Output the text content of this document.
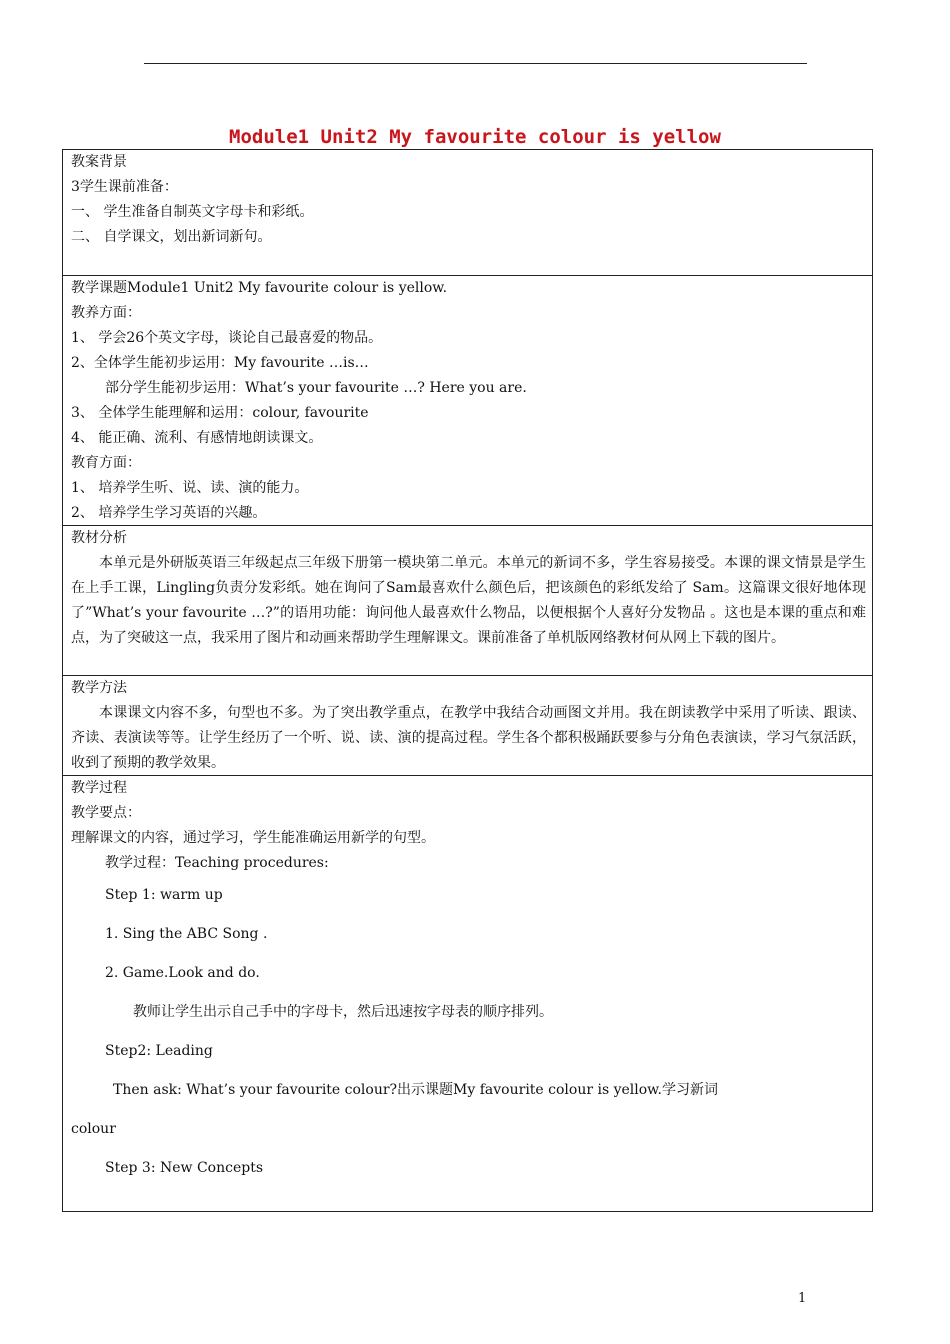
Module1 Unit2 My favourite colour is yellow

教案背景

3学生课前准备：

一、 学生准备自制英文字母卡和彩纸。

二、 自学课文，划出新词新句。

教学课题Module1 Unit2 My favourite colour is yellow.

教养方面：

1、 学会26个英文字母，谈论自己最喜爱的物品。

2、全体学生能初步运用：My favourite …is…

部分学生能初步运用：What’s your favourite …? Here you are.

3、 全体学生能理解和运用：colour, favourite

4、 能正确、流利、有感情地朗读课文。

教育方面：

1、 培养学生听、说、读、演的能力。

2、 培养学生学习英语的兴趣。

教材分析

本单元是外研版英语三年级起点三年级下册第一模块第二单元。本单元的新词不多，学生容易接受。本课的课文情景是学生在上手工课，Lingling负责分发彩纸。她在询问了Sam最喜欢什么颜色后，把该颜色的彩纸发给了 Sam。这篇课文很好地体现了”What’s your favourite …?”的语用功能：询问他人最喜欢什么物品，以便根据个人喜好分发物品 。这也是本课的重点和难点，为了突破这一点，我采用了图片和动画来帮助学生理解课文。课前准备了单机版网络教材何从网上下载的图片。

教学方法

本课课文内容不多，句型也不多。为了突出教学重点，在教学中我结合动画图文并用。我在朗读教学中采用了听读、跟读、齐读、表演读等等。让学生经历了一个听、说、读、演的提高过程。学生各个都积极踊跃要参与分角色表演读，学习气氛活跃，收到了预期的教学效果。

教学过程

教学要点：

理解课文的内容，通过学习，学生能准确运用新学的句型。

教学过程：Teaching procedures:

Step 1: warm up

1. Sing the ABC Song .

2. Game.Look and do.

教师让学生出示自己手中的字母卡，然后迅速按字母表的顺序排列。

Step2: Leading

Then ask: What’s your favourite colour?出示课题My favourite colour is yellow.学习新词

colour

Step 3: New Concepts

1
